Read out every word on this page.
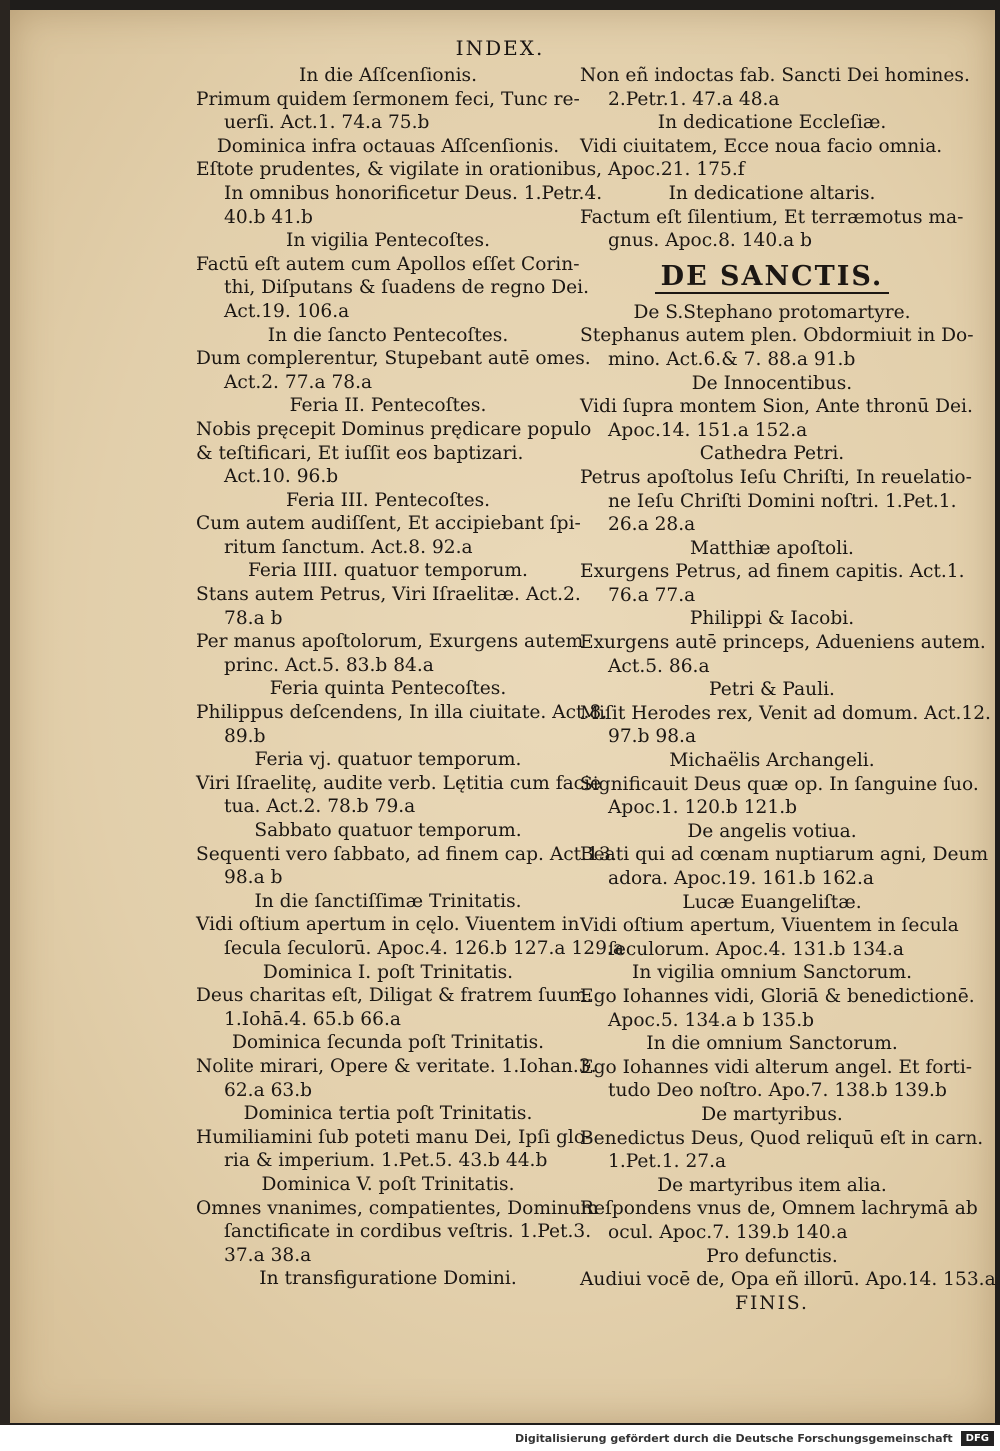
INDEX.
In die Aſſcenſionis.
Primum quidem ſermonem feci, Tunc re-
uerſi. Act.1. 74.a 75.b
Dominica infra octauas Aſſcenſionis.
Eſtote prudentes, & vigilate in orationibus,
In omnibus honorificetur Deus. 1.Petr.4.
40.b 41.b
In vigilia Pentecoſtes.
Factū eſt autem cum Apollos eſſet Corin-
thi, Diſputans & ſuadens de regno Dei.
Act.19. 106.a
In die ſancto Pentecoſtes.
Dum complerentur, Stupebant autē omes.
Act.2. 77.a 78.a
Feria II. Pentecoſtes.
Nobis pręcepit Dominus prędicare populo
& teſtificari, Et iuſſit eos baptizari.
Act.10. 96.b
Feria III. Pentecoſtes.
Cum autem audiſſent, Et accipiebant ſpi-
ritum ſanctum. Act.8. 92.a
Feria IIII. quatuor temporum.
Stans autem Petrus, Viri Iſraelitæ. Act.2.
78.a b
Per manus apoſtolorum, Exurgens autem
princ. Act.5. 83.b 84.a
Feria quinta Pentecoſtes.
Philippus deſcendens, In illa ciuitate. Act.8.
89.b
Feria vj. quatuor temporum.
Viri Iſraelitę, audite verb. Lętitia cum facie
tua. Act.2. 78.b 79.a
Sabbato quatuor temporum.
Sequenti vero ſabbato, ad finem cap. Act.13.
98.a b
In die ſanctiſſimæ Trinitatis.
Vidi oſtium apertum in cęlo. Viuentem in
ſecula ſeculorū. Apoc.4. 126.b 127.a 129.a
Dominica I. poſt Trinitatis.
Deus charitas eſt, Diligat & fratrem ſuum.
1.Iohā.4. 65.b 66.a
Dominica ſecunda poſt Trinitatis.
Nolite mirari, Opere & veritate. 1.Iohan.3.
62.a 63.b
Dominica tertia poſt Trinitatis.
Humiliamini ſub poteti manu Dei, Ipſi glo-
ria & imperium. 1.Pet.5. 43.b 44.b
Dominica V. poſt Trinitatis.
Omnes vnanimes, compatientes, Dominum
ſanctificate in cordibus veſtris. 1.Pet.3.
37.a 38.a
In transfiguratione Domini.
Non eñ indoctas fab. Sancti Dei homines.
2.Petr.1. 47.a 48.a
In dedicatione Eccleſiæ.
Vidi ciuitatem, Ecce noua facio omnia.
Apoc.21. 175.f
In dedicatione altaris.
Factum eſt ſilentium, Et terræmotus ma-
gnus. Apoc.8. 140.a b
DE SANCTIS.
De S.Stephano protomartyre.
Stephanus autem plen. Obdormiuit in Do-
mino. Act.6.& 7. 88.a 91.b
De Innocentibus.
Vidi ſupra montem Sion, Ante thronū Dei.
Apoc.14. 151.a 152.a
Cathedra Petri.
Petrus apoſtolus Ieſu Chriſti, In reuelatio-
ne Ieſu Chriſti Domini noſtri. 1.Pet.1.
26.a 28.a
Matthiæ apoſtoli.
Exurgens Petrus, ad finem capitis. Act.1.
76.a 77.a
Philippi & Iacobi.
Exurgens autē princeps, Adueniens autem.
Act.5. 86.a
Petri & Pauli.
Miſit Herodes rex, Venit ad domum. Act.12.
97.b 98.a
Michaëlis Archangeli.
Significauit Deus quæ op. In ſanguine ſuo.
Apoc.1. 120.b 121.b
De angelis votiua.
Beati qui ad cœnam nuptiarum agni, Deum
adora. Apoc.19. 161.b 162.a
Lucæ Euangeliſtæ.
Vidi oſtium apertum, Viuentem in ſecula
ſeculorum. Apoc.4. 131.b 134.a
In vigilia omnium Sanctorum.
Ego Iohannes vidi, Gloriā & benedictionē.
Apoc.5. 134.a b 135.b
In die omnium Sanctorum.
Ego Iohannes vidi alterum angel. Et forti-
tudo Deo noſtro. Apo.7. 138.b 139.b
De martyribus.
Benedictus Deus, Quod reliquū eſt in carn.
1.Pet.1. 27.a
De martyribus item alia.
Reſpondens vnus de, Omnem lachrymā ab
ocul. Apoc.7. 139.b 140.a
Pro defunctis.
Audiui vocē de, Opa eñ illorū. Apo.14. 153.a
FINIS.
Digitalisierung gefördert durch die Deutsche Forschungsgemeinschaft	DFG
